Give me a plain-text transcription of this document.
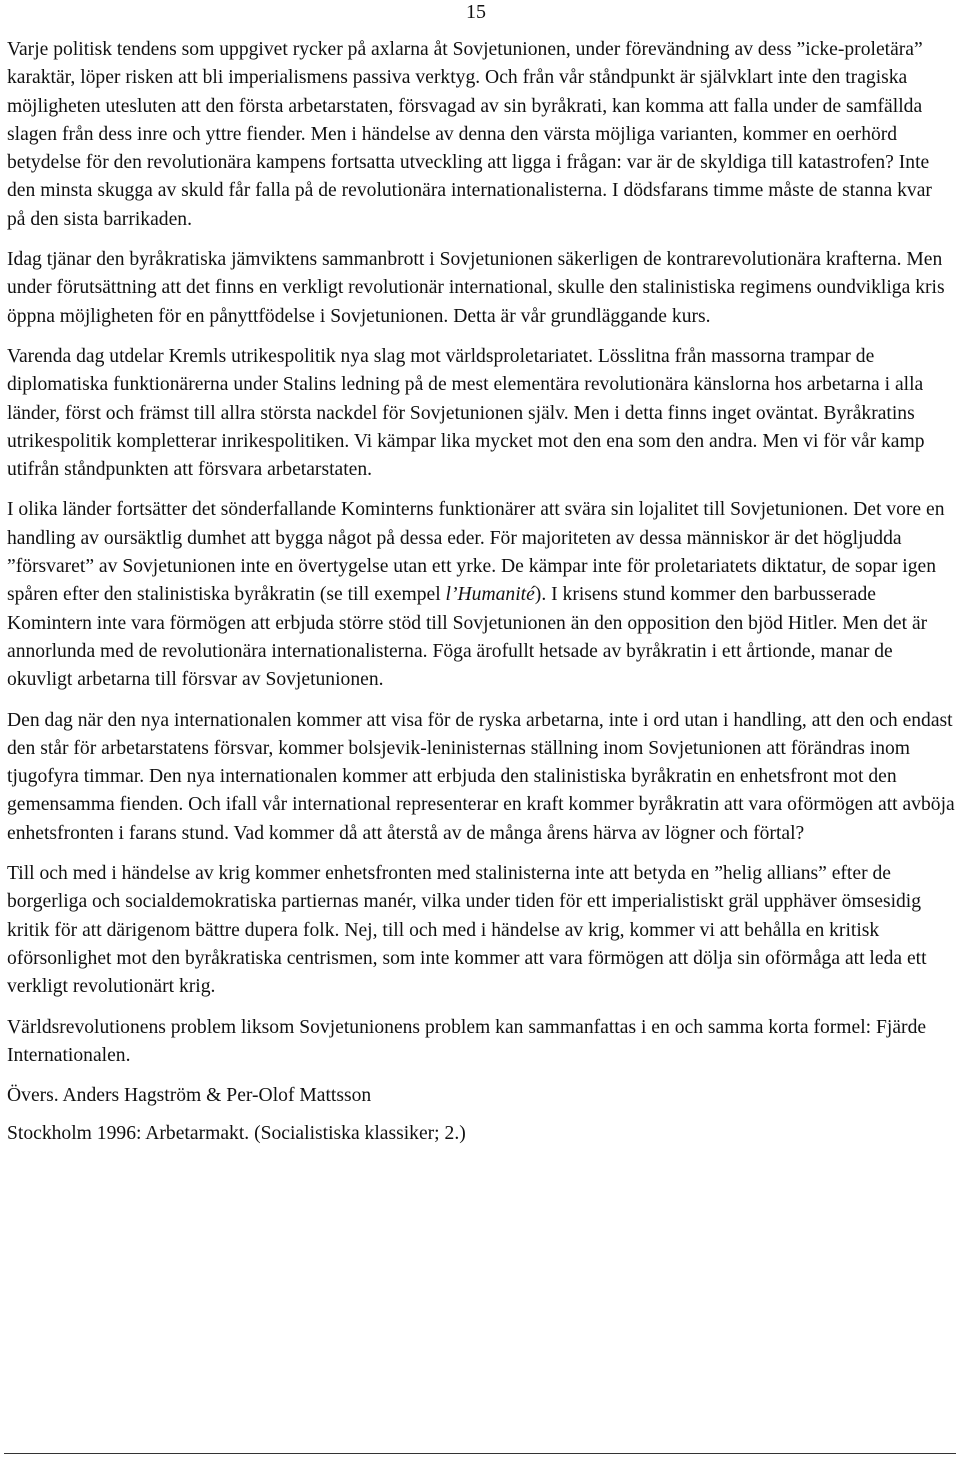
15

Varje politisk tendens som uppgivet rycker på axlarna åt Sovjetunionen, under förevändning av dess ”icke-proletära” karaktär, löper risken att bli imperialismens passiva verktyg. Och från vår ståndpunkt är självklart inte den tragiska möjligheten utesluten att den första arbetarstaten, försvagad av sin byråkrati, kan komma att falla under de samfällda slagen från dess inre och yttre fiender. Men i händelse av denna den värsta möjliga varianten, kommer en oerhörd betydelse för den revolutionära kampens fortsatta utveckling att ligga i frågan: var är de skyldiga till katastrofen? Inte den minsta skugga av skuld får falla på de revolutionära internationalisterna. I dödsfarans timme måste de stanna kvar på den sista barrikaden.

Idag tjänar den byråkratiska jämviktens sammanbrott i Sovjetunionen säkerligen de kontrarevolutionära krafterna. Men under förutsättning att det finns en verkligt revolutionär international, skulle den stalinistiska regimens oundvikliga kris öppna möjligheten för en pånyttfödelse i Sovjetunionen. Detta är vår grundläggande kurs.

Varenda dag utdelar Kremls utrikespolitik nya slag mot världsproletariatet. Lösslitna från massorna trampar de diplomatiska funktionärerna under Stalins ledning på de mest elementära revolutionära känslorna hos arbetarna i alla länder, först och främst till allra största nackdel för Sovjetunionen själv. Men i detta finns inget oväntat. Byråkratins utrikespolitik kompletterar inrikespolitiken. Vi kämpar lika mycket mot den ena som den andra. Men vi för vår kamp utifrån ståndpunkten att försvara arbetarstaten.

I olika länder fortsätter det sönderfallande Kominterns funktionärer att svära sin lojalitet till Sovjetunionen. Det vore en handling av oursäktlig dumhet att bygga något på dessa eder. För majoriteten av dessa människor är det högljudda ”försvaret” av Sovjetunionen inte en övertygelse utan ett yrke. De kämpar inte för proletariatets diktatur, de sopar igen spåren efter den stalinistiska byråkratin (se till exempel l’Humanité). I krisens stund kommer den barbusserade Komintern inte vara förmögen att erbjuda större stöd till Sovjetunionen än den opposition den bjöd Hitler. Men det är annorlunda med de revolutionära internationalisterna. Föga ärofullt hetsade av byråkratin i ett årtionde, manar de okuvligt arbetarna till försvar av Sovjetunionen.

Den dag när den nya internationalen kommer att visa för de ryska arbetarna, inte i ord utan i handling, att den och endast den står för arbetarstatens försvar, kommer bolsjevik-leninisternas ställning inom Sovjetunionen att förändras inom tjugofyra timmar. Den nya internationalen kommer att erbjuda den stalinistiska byråkratin en enhetsfront mot den gemensamma fienden. Och ifall vår international representerar en kraft kommer byråkratin att vara oförmögen att avböja enhetsfronten i farans stund. Vad kommer då att återstå av de många årens härva av lögner och förtal?

Till och med i händelse av krig kommer enhetsfronten med stalinisterna inte att betyda en ”helig allians” efter de borgerliga och socialdemokratiska partiernas manér, vilka under tiden för ett imperialistiskt gräl upphäver ömsesidig kritik för att därigenom bättre dupera folk. Nej, till och med i händelse av krig, kommer vi att behålla en kritisk oförsonlighet mot den byråkratiska centrismen, som inte kommer att vara förmögen att dölja sin oförmåga att leda ett verkligt revolutionärt krig.

Världsrevolutionens problem liksom Sovjetunionens problem kan sammanfattas i en och samma korta formel: Fjärde Internationalen.

Övers. Anders Hagström & Per-Olof Mattsson

Stockholm 1996: Arbetarmakt. (Socialistiska klassiker; 2.)
